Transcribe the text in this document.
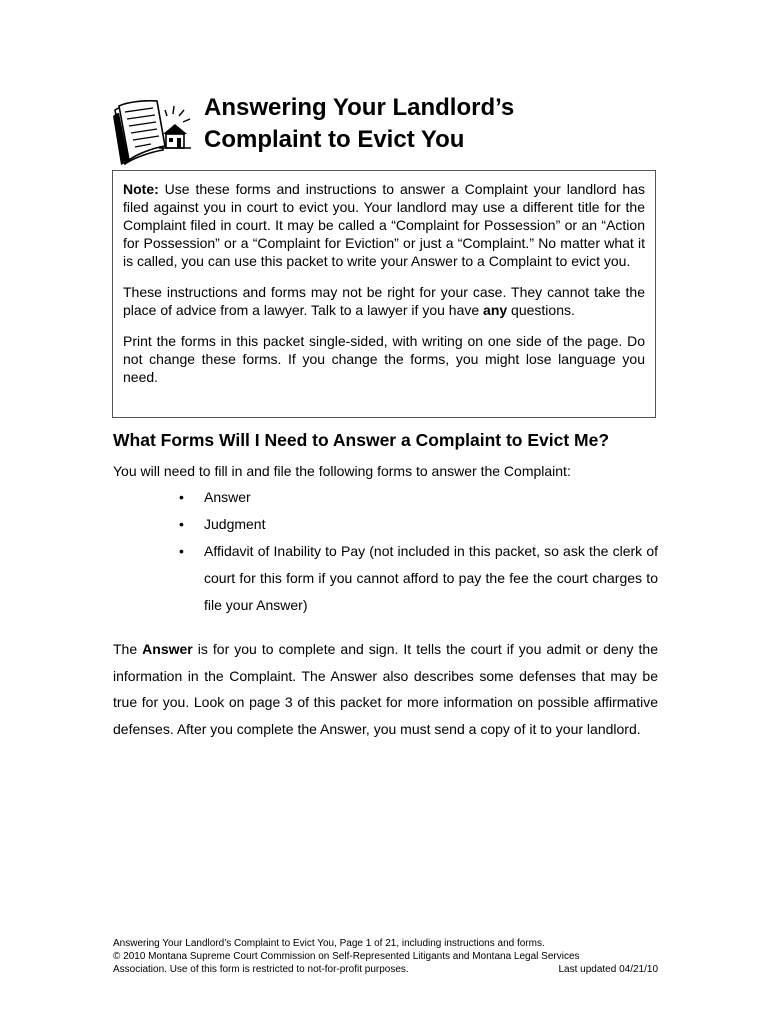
Answering Your Landlord’s
Complaint to Evict You

Note: Use these forms and instructions to answer a Complaint your landlord has filed against you in court to evict you. Your landlord may use a different title for the Complaint filed in court. It may be called a “Complaint for Possession” or an “Action for Possession” or a “Complaint for Eviction” or just a “Complaint.” No matter what it is called, you can use this packet to write your Answer to a Complaint to evict you.

These instructions and forms may not be right for your case. They cannot take the place of advice from a lawyer. Talk to a lawyer if you have any questions.

Print the forms in this packet single-sided, with writing on one side of the page. Do not change these forms. If you change the forms, you might lose language you need.

What Forms Will I Need to Answer a Complaint to Evict Me?
You will need to fill in and file the following forms to answer the Complaint:
• Answer
• Judgment
• Affidavit of Inability to Pay (not included in this packet, so ask the clerk of court for this form if you cannot afford to pay the fee the court charges to file your Answer)

The Answer is for you to complete and sign. It tells the court if you admit or deny the information in the Complaint. The Answer also describes some defenses that may be true for you. Look on page 3 of this packet for more information on possible affirmative defenses. After you complete the Answer, you must send a copy of it to your landlord.

Answering Your Landlord’s Complaint to Evict You, Page 1 of 21, including instructions and forms.
© 2010 Montana Supreme Court Commission on Self-Represented Litigants and Montana Legal Services
Association. Use of this form is restricted to not-for-profit purposes.	Last updated 04/21/10
